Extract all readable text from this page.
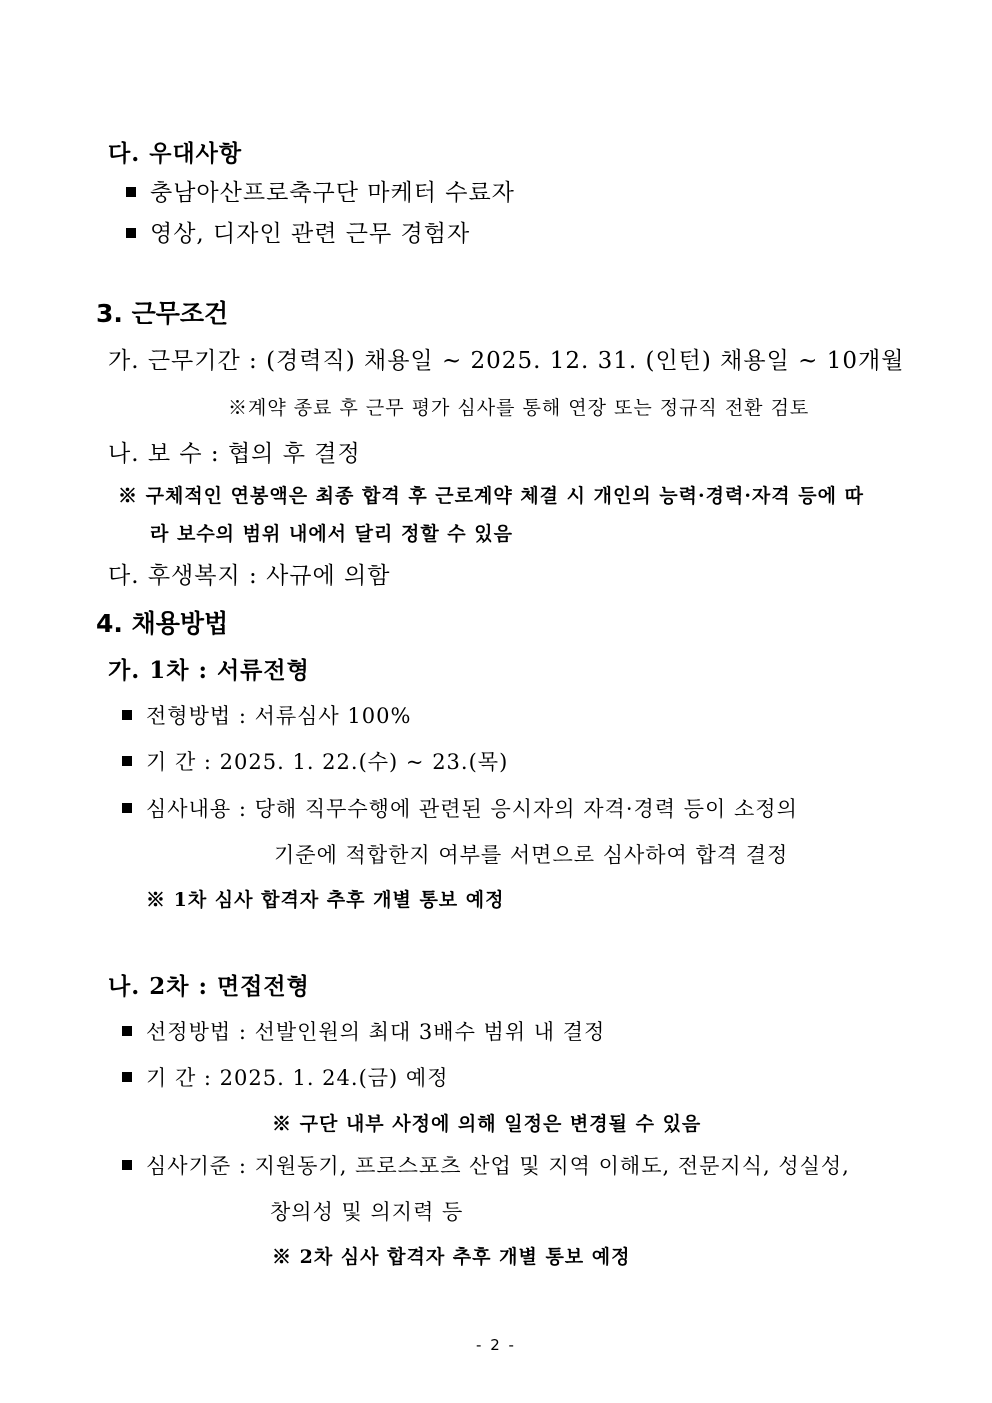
다. 우대사항
충남아산프로축구단 마케터 수료자
영상, 디자인 관련 근무 경험자
3. 근무조건
가. 근무기간 : (경력직) 채용일 ~ 2025. 12. 31. (인턴) 채용일 ~ 10개월
※계약 종료 후 근무 평가 심사를 통해 연장 또는 정규직 전환 검토
나. 보 수 : 협의 후 결정
※ 구체적인 연봉액은 최종 합격 후 근로계약 체결 시 개인의 능력·경력·자격 등에 따
라 보수의 범위 내에서 달리 정할 수 있음
다. 후생복지 : 사규에 의함
4. 채용방법
가. 1차 : 서류전형
전형방법 : 서류심사 100%
기 간 : 2025. 1. 22.(수) ~ 23.(목)
심사내용 : 당해 직무수행에 관련된 응시자의 자격·경력 등이 소정의
기준에 적합한지 여부를 서면으로 심사하여 합격 결정
※ 1차 심사 합격자 추후 개별 통보 예정
나. 2차 : 면접전형
선정방법 : 선발인원의 최대 3배수 범위 내 결정
기 간 : 2025. 1. 24.(금) 예정
※ 구단 내부 사정에 의해 일정은 변경될 수 있음
심사기준 : 지원동기, 프로스포츠 산업 및 지역 이해도, 전문지식, 성실성,
창의성 및 의지력 등
※ 2차 심사 합격자 추후 개별 통보 예정
- 2 -
